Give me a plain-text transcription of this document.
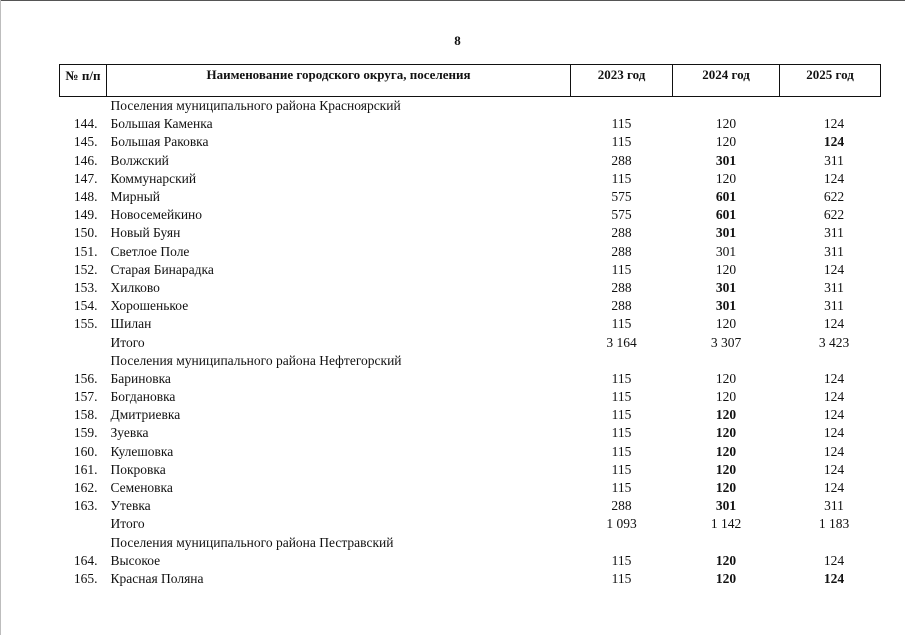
8
№ п/п	Наименование городского округа, поселения	2023 год	2024 год	2025 год
	Поселения муниципального района Красноярский			
144.	Большая Каменка	115	120	124
145.	Большая Раковка	115	120	124
146.	Волжский	288	301	311
147.	Коммунарский	115	120	124
148.	Мирный	575	601	622
149.	Новосемейкино	575	601	622
150.	Новый Буян	288	301	311
151.	Светлое Поле	288	301	311
152.	Старая Бинарадка	115	120	124
153.	Хилково	288	301	311
154.	Хорошенькое	288	301	311
155.	Шилан	115	120	124
	Итого	3 164	3 307	3 423
	Поселения муниципального района Нефтегорский			
156.	Бариновка	115	120	124
157.	Богдановка	115	120	124
158.	Дмитриевка	115	120	124
159.	Зуевка	115	120	124
160.	Кулешовка	115	120	124
161.	Покровка	115	120	124
162.	Семеновка	115	120	124
163.	Утевка	288	301	311
	Итого	1 093	1 142	1 183
	Поселения муниципального района Пестравский			
164.	Высокое	115	120	124
165.	Красная Поляна	115	120	124
